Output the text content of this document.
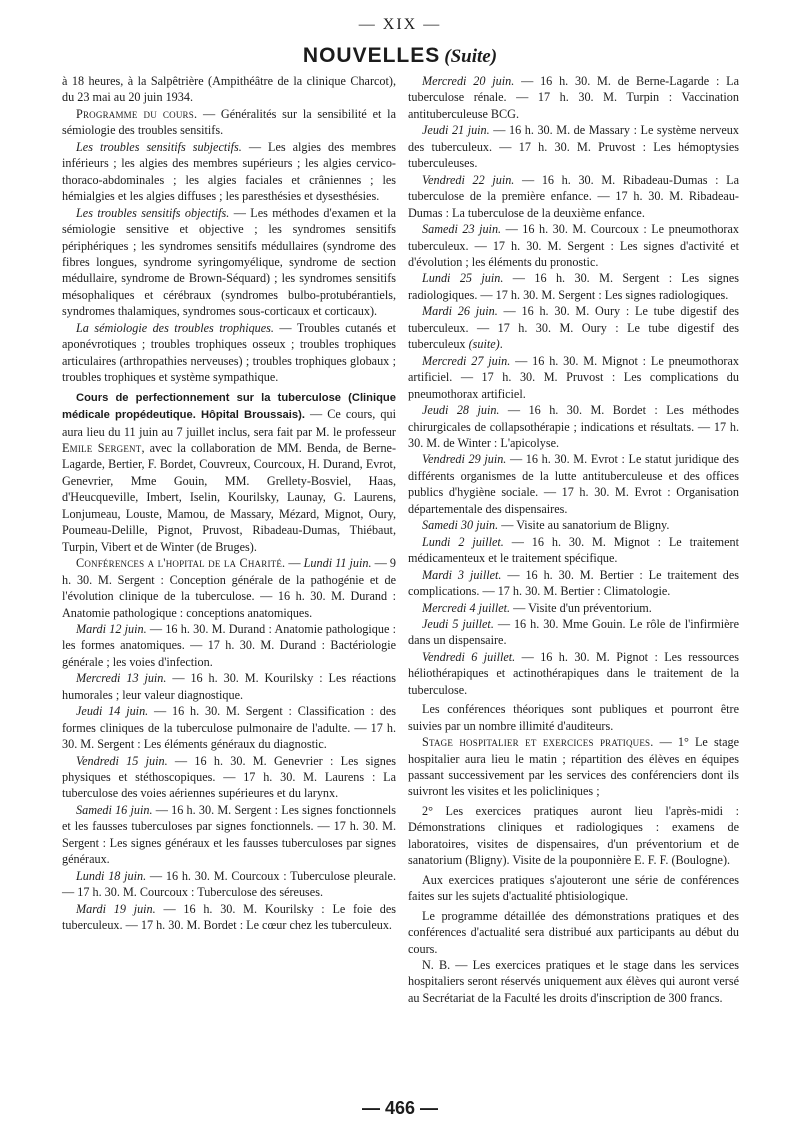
— XIX —
NOUVELLES (Suite)

à 18 heures, à la Salpêtrière (Ampithéâtre de la clinique Charcot), du 23 mai au 20 juin 1934.

Programme du cours. — Généralités sur la sensibilité et la sémiologie des troubles sensitifs.

Les troubles sensitifs subjectifs. — Les algies des membres inférieurs ; les algies des membres supérieurs ; les algies cervico-thoraco-abdominales ; les algies faciales et crâniennes ; les hémialgies et les algies diffuses ; les paresthésies et dysesthésies.

Les troubles sensitifs objectifs. — Les méthodes d'examen et la sémiologie sensitive et objective ; les syndromes sensitifs périphériques ; les syndromes sensitifs médullaires (syndrome des fibres longues, syndrome syringomyélique, syndrome de section médullaire, syndrome de Brown-Séquard) ; les syndromes sensitifs mésophaliques et cérébraux (syndromes bulbo-protubérantiels, syndromes thalamiques, syndromes sous-corticaux et corticaux).

La sémiologie des troubles trophiques. — Troubles cutanés et aponévrotiques ; troubles trophiques osseux ; troubles trophiques articulaires (arthropathies nerveuses) ; troubles trophiques globaux ; troubles trophiques et système sympathique.

Cours de perfectionnement sur la tuberculose (Clinique médicale propédeutique. Hôpital Broussais). — Ce cours, qui aura lieu du 11 juin au 7 juillet inclus, sera fait par M. le professeur Emile Sergent, avec la collaboration de MM. Benda, de Berne-Lagarde, Bertier, F. Bordet, Couvreux, Courcoux, H. Durand, Evrot, Genevrier, Mme Gouin, MM. Grellety-Bosviel, Haas, d'Heucqueville, Imbert, Iselin, Kourilsky, Launay, G. Laurens, Lonjumeau, Louste, Mamou, de Massary, Mézard, Mignot, Oury, Poumeau-Delille, Pignot, Pruvost, Ribadeau-Dumas, Thiébaut, Turpin, Vibert et de Winter (de Bruges).

Conférences a l'hopital de la Charité. — Lundi 11 juin. — 9 h. 30. M. Sergent : Conception générale de la pathogénie et de l'évolution clinique de la tuberculose. — 16 h. 30. M. Durand : Anatomie pathologique : conceptions anatomiques.

Mardi 12 juin. — 16 h. 30. M. Durand : Anatomie pathologique : les formes anatomiques. — 17 h. 30. M. Durand : Bactériologie générale ; les voies d'infection.

Mercredi 13 juin. — 16 h. 30. M. Kourilsky : Les réactions humorales ; leur valeur diagnostique.

Jeudi 14 juin. — 16 h. 30. M. Sergent : Classification : des formes cliniques de la tuberculose pulmonaire de l'adulte. — 17 h. 30. M. Sergent : Les éléments généraux du diagnostic.

Vendredi 15 juin. — 16 h. 30. M. Genevrier : Les signes physiques et stéthoscopiques. — 17 h. 30. M. Laurens : La tuberculose des voies aériennes supérieures et du larynx.

Samedi 16 juin. — 16 h. 30. M. Sergent : Les signes fonctionnels et les fausses tuberculoses par signes fonctionnels. — 17 h. 30. M. Sergent : Les signes généraux et les fausses tuberculoses par signes généraux.

Lundi 18 juin. — 16 h. 30. M. Courcoux : Tuberculose pleurale. — 17 h. 30. M. Courcoux : Tuberculose des séreuses.

Mardi 19 juin. — 16 h. 30. M. Kourilsky : Le foie des tuberculeux. — 17 h. 30. M. Bordet : Le cœur chez les tuberculeux.

Mercredi 20 juin. — 16 h. 30. M. de Berne-Lagarde : La tuberculose rénale. — 17 h. 30. M. Turpin : Vaccination antituberculeuse BCG.

Jeudi 21 juin. — 16 h. 30. M. de Massary : Le système nerveux des tuberculeux. — 17 h. 30. M. Pruvost : Les hémoptysies tuberculeuses.

Vendredi 22 juin. — 16 h. 30. M. Ribadeau-Dumas : La tuberculose de la première enfance. — 17 h. 30. M. Ribadeau-Dumas : La tuberculose de la deuxième enfance.

Samedi 23 juin. — 16 h. 30. M. Courcoux : Le pneumothorax tuberculeux. — 17 h. 30. M. Sergent : Les signes d'activité et d'évolution ; les éléments du pronostic.

Lundi 25 juin. — 16 h. 30. M. Sergent : Les signes radiologiques. — 17 h. 30. M. Sergent : Les signes radiologiques.

Mardi 26 juin. — 16 h. 30. M. Oury : Le tube digestif des tuberculeux. — 17 h. 30. M. Oury : Le tube digestif des tuberculeux (suite).

Mercredi 27 juin. — 16 h. 30. M. Mignot : Le pneumothorax artificiel. — 17 h. 30. M. Pruvost : Les complications du pneumothorax artificiel.

Jeudi 28 juin. — 16 h. 30. M. Bordet : Les méthodes chirurgicales de collapsothérapie ; indications et résultats. — 17 h. 30. M. de Winter : L'apicolyse.

Vendredi 29 juin. — 16 h. 30. M. Evrot : Le statut juridique des différents organismes de la lutte antituberculeuse et des offices publics d'hygiène sociale. — 17 h. 30. M. Evrot : Organisation départementale des dispensaires.

Samedi 30 juin. — Visite au sanatorium de Bligny.

Lundi 2 juillet. — 16 h. 30. M. Mignot : Le traitement médicamenteux et le traitement spécifique.

Mardi 3 juillet. — 16 h. 30. M. Bertier : Le traitement des complications. — 17 h. 30. M. Bertier : Climatologie.

Mercredi 4 juillet. — Visite d'un préventorium.

Jeudi 5 juillet. — 16 h. 30. Mme Gouin. Le rôle de l'infirmière dans un dispensaire.

Vendredi 6 juillet. — 16 h. 30. M. Pignot : Les ressources héliothérapiques et actinothérapiques dans le traitement de la tuberculose.

Les conférences théoriques sont publiques et pourront être suivies par un nombre illimité d'auditeurs.

Stage hospitalier et exercices pratiques. — 1° Le stage hospitalier aura lieu le matin ; répartition des élèves en équipes passant successivement par les services des conférenciers dont ils suivront les visites et les policliniques ;

2° Les exercices pratiques auront lieu l'après-midi : Démonstrations cliniques et radiologiques : examens de laboratoires, visites de dispensaires, d'un préventorium et de sanatorium (Bligny). Visite de la pouponnière E. F. F. (Boulogne).

Aux exercices pratiques s'ajouteront une série de conférences faites sur les sujets d'actualité phtisiologique.

Le programme détaillée des démonstrations pratiques et des conférences d'actualité sera distribué aux participants au début du cours.

N. B. — Les exercices pratiques et le stage dans les services hospitaliers seront réservés uniquement aux élèves qui auront versé au Secrétariat de la Faculté les droits d'inscription de 300 francs.

— 466 —
